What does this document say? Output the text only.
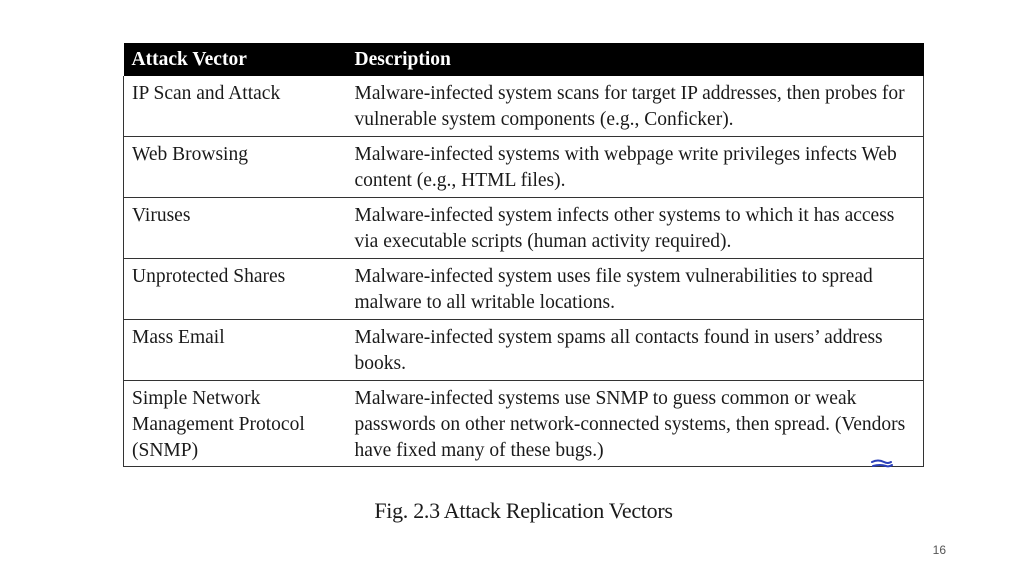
Attack Vector	Description
IP Scan and Attack	Malware-infected system scans for target IP addresses, then probes for vulnerable system components (e.g., Conficker).
Web Browsing	Malware-infected systems with webpage write privileges infects Web content (e.g., HTML files).
Viruses	Malware-infected system infects other systems to which it has access via executable scripts (human activity required).
Unprotected Shares	Malware-infected system uses file system vulnerabilities to spread malware to all writable locations.
Mass Email	Malware-infected system spams all contacts found in users’ address books.
Simple Network Management Protocol (SNMP)	Malware-infected systems use SNMP to guess common or weak passwords on other network-connected systems, then spread. (Vendors have fixed many of these bugs.)
Fig. 2.3 Attack Replication Vectors
16
